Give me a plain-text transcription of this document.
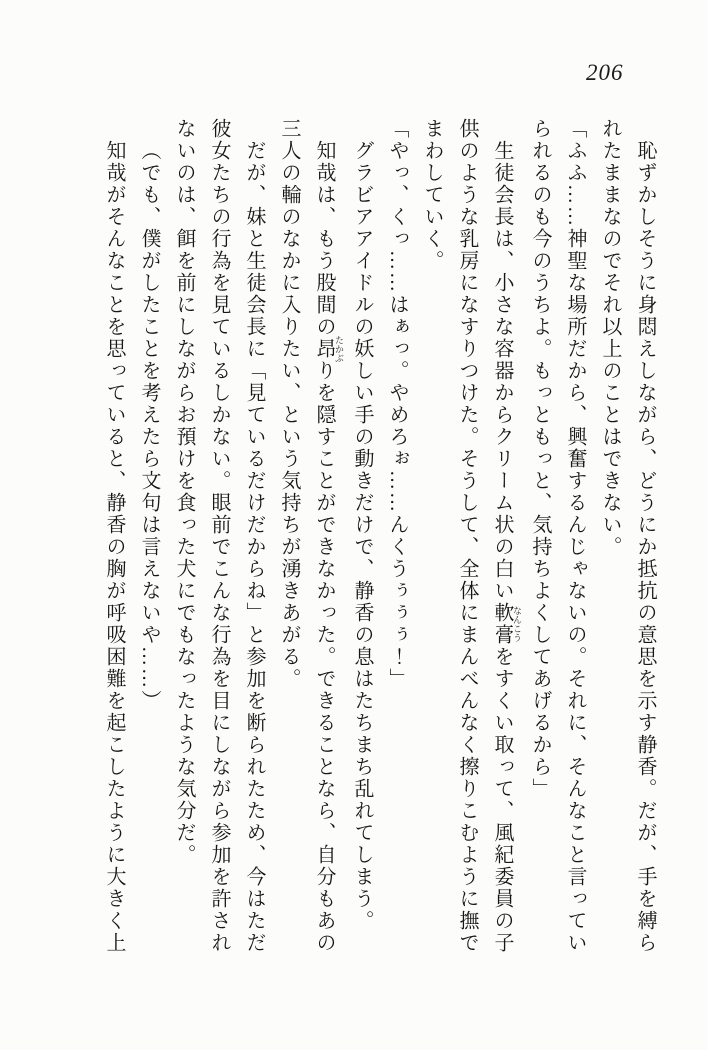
206
恥ずかしそうに身悶えしながら、どうにか抵抗の意思を示す静香。だが、手を縛ら
れたままなのでそれ以上のことはできない。
「ふふ……神聖な場所だから、興奮するんじゃないの。それに、そんなこと言ってい
られるのも今のうちよ。もっともっと、気持ちよくしてあげるから」
生徒会長は、小さな容器からクリーム状の白い軟膏 なんこうをすくい取って、風紀委員の子
供のような乳房になすりつけた。そうして、全体にまんべんなく擦りこむように撫で
まわしていく。
「やっ、くっ……はぁっ。やめろぉ……んくうぅぅぅ！」
グラビアアイドルの妖しい手の動きだけで、静香の息はたちまち乱れてしまう。
知哉は、もう股間の昂 たかぶりを隠すことができなかった。できることなら、自分もあの
三人の輪のなかに入りたい、という気持ちが湧きあがる。
だが、妹と生徒会長に「見ているだけだからね」と参加を断られたため、今はただ
彼女たちの行為を見ているしかない。眼前でこんな行為を目にしながら参加を許され
ないのは、餌を前にしながらお預けを食った犬にでもなったような気分だ。
（でも、僕がしたことを考えたら文句は言えないや……）
知哉がそんなことを思っていると、静香の胸が呼吸困難を起こしたように大きく上
